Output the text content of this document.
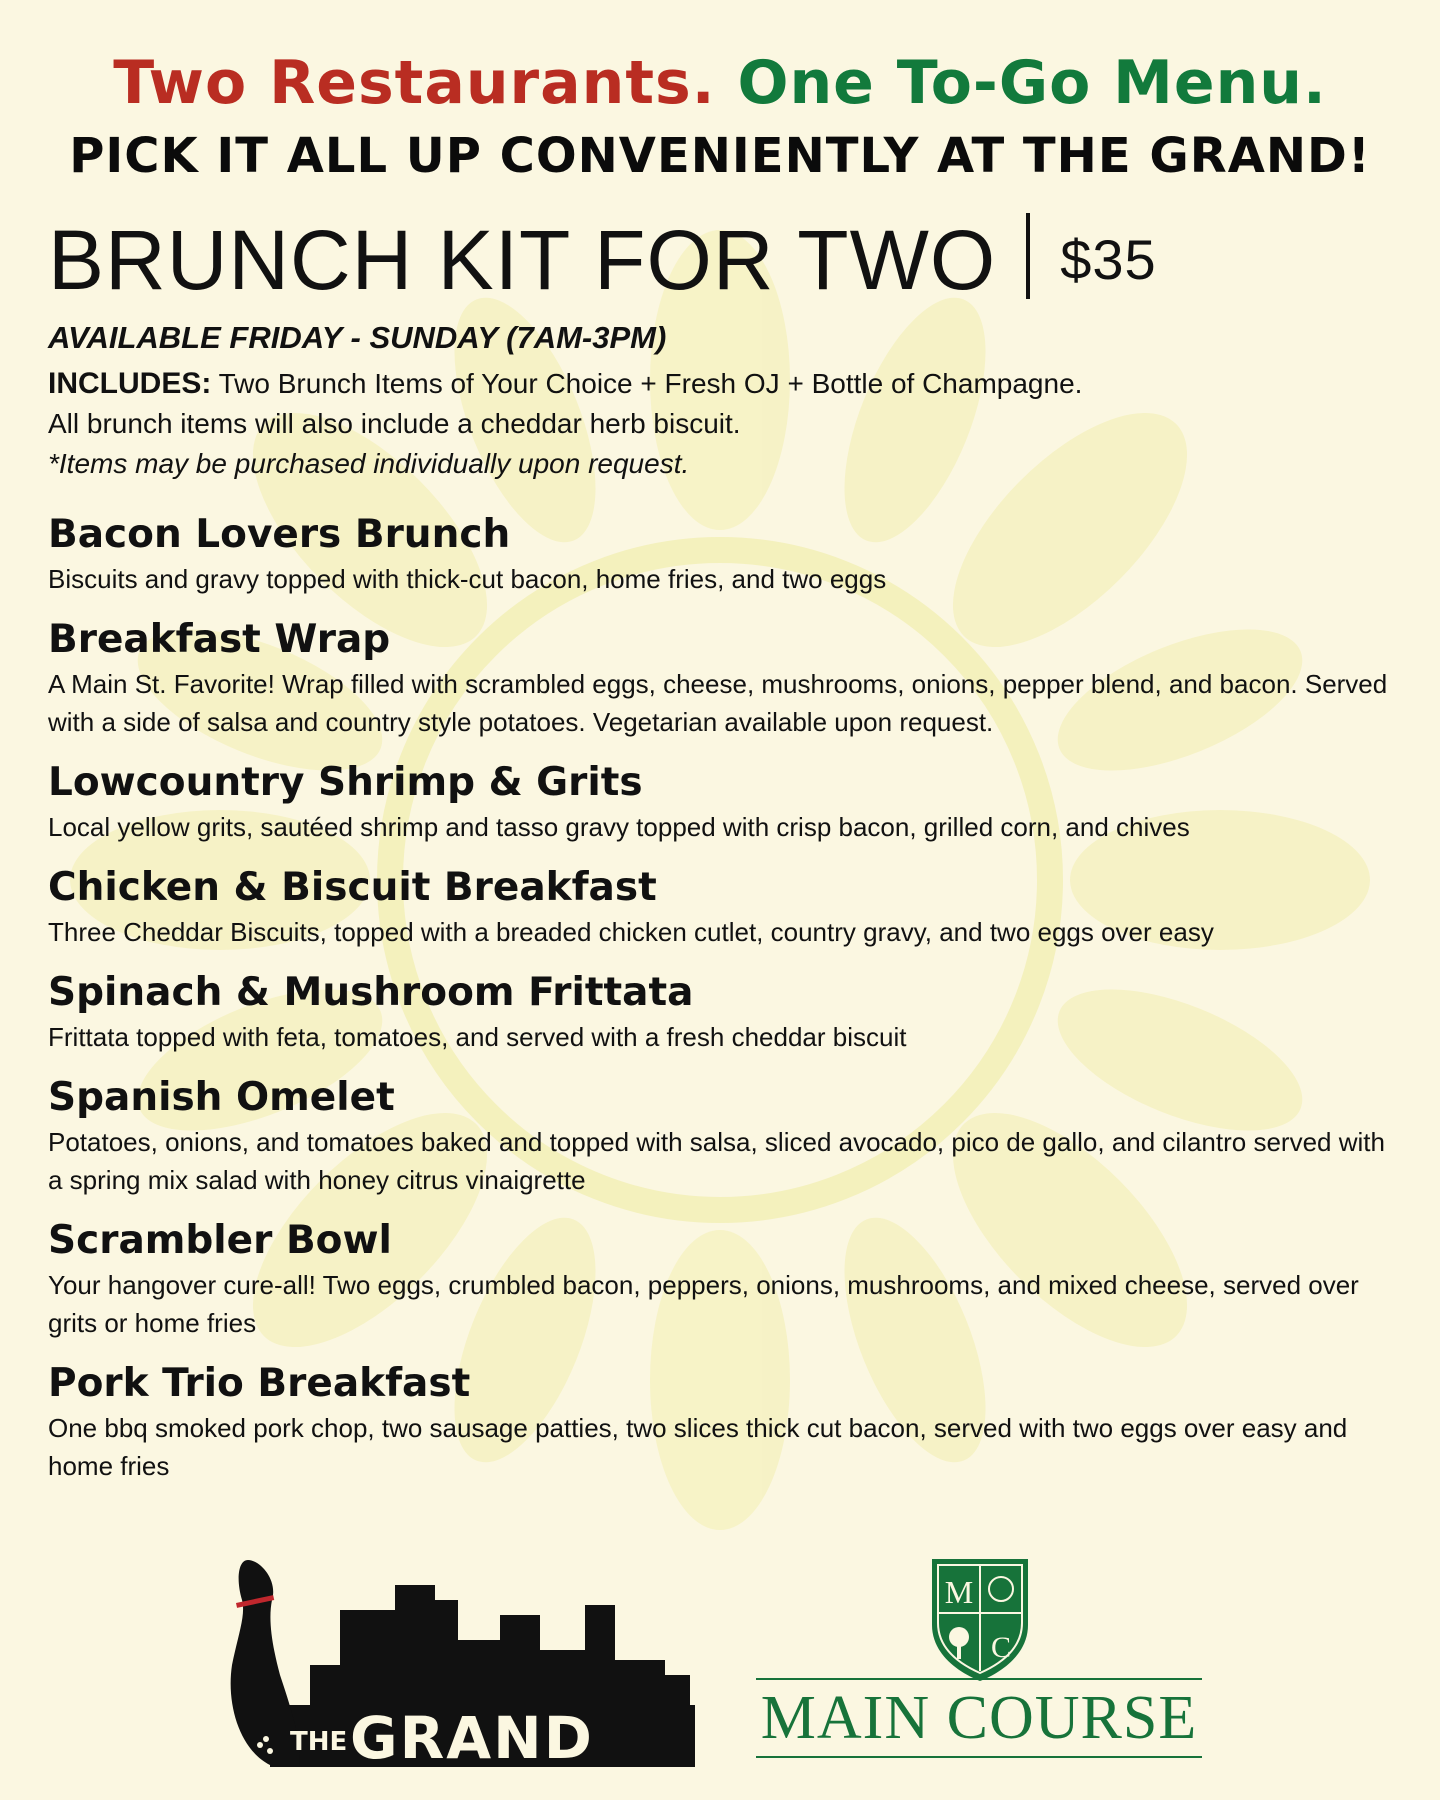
Two Restaurants. One To-Go Menu.
PICK IT ALL UP CONVENIENTLY AT THE GRAND!
BRUNCH KIT FOR TWO $35
AVAILABLE FRIDAY - SUNDAY (7AM-3PM)
INCLUDES: Two Brunch Items of Your Choice + Fresh OJ + Bottle of Champagne.
All brunch items will also include a cheddar herb biscuit.
*Items may be purchased individually upon request.

Bacon Lovers Brunch

Biscuits and gravy topped with thick-cut bacon, home fries, and two eggs

Breakfast Wrap

A Main St. Favorite! Wrap filled with scrambled eggs, cheese, mushrooms, onions, pepper blend, and bacon. Served with a side of salsa and country style potatoes. Vegetarian available upon request.

Lowcountry Shrimp & Grits

Local yellow grits, sautéed shrimp and tasso gravy topped with crisp bacon, grilled corn, and chives

Chicken & Biscuit Breakfast

Three Cheddar Biscuits, topped with a breaded chicken cutlet, country gravy, and two eggs over easy

Spinach & Mushroom Frittata

Frittata topped with feta, tomatoes, and served with a fresh cheddar biscuit

Spanish Omelet

Potatoes, onions, and tomatoes baked and topped with salsa, sliced avocado, pico de gallo, and cilantro served with a spring mix salad with honey citrus vinaigrette

Scrambler Bowl

Your hangover cure-all! Two eggs, crumbled bacon, peppers, onions, mushrooms, and mixed cheese, served over grits or home fries

Pork Trio Breakfast

One bbq smoked pork chop, two sausage patties, two slices thick cut bacon, served with two eggs over easy and home fries

THE GRAND
M
C
MAIN COURSE
